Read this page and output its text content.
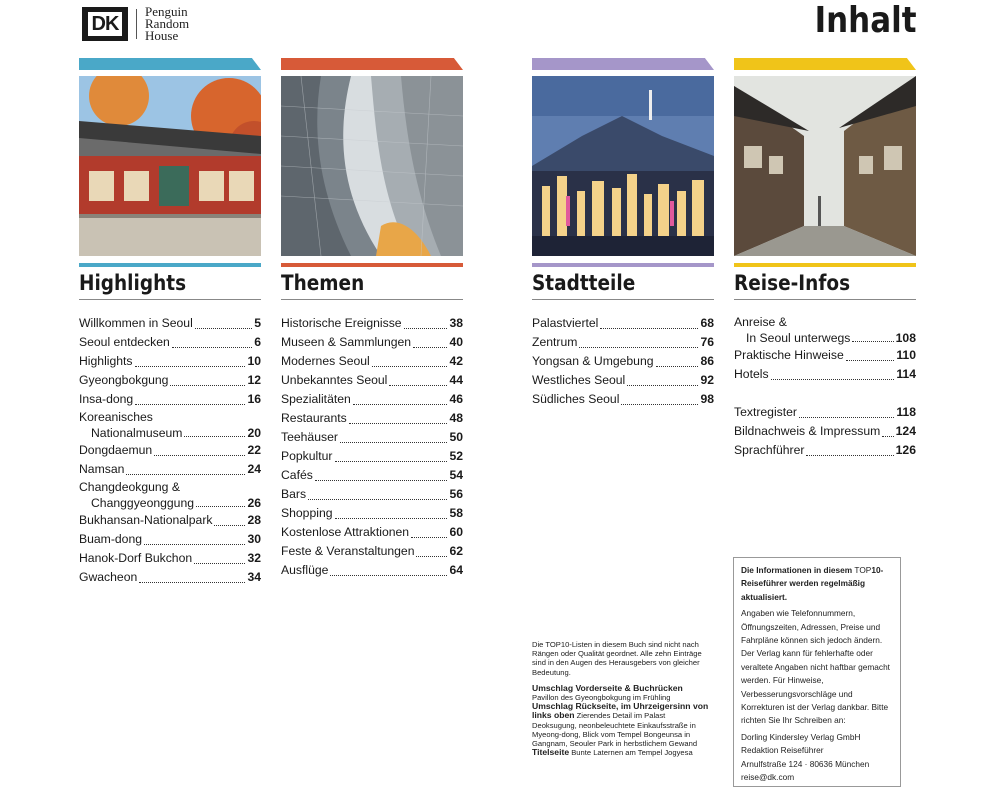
DK
Penguin
Random
House	Inhalt
Highlights
Willkommen in Seoul	5
Seoul entdecken	6
Highlights	10
Gyeongbokgung	12
Insa-dong	16
Koreanisches
Nationalmuseum	20
Dongdaemun	22
Namsan	24
Changdeokgung &
Changgyeonggung	26
Bukhansan-Nationalpark	28
Buam-dong	30
Hanok-Dorf Bukchon	32
Gwacheon	34
Themen
Historische Ereignisse	38
Museen & Sammlungen	40
Modernes Seoul	42
Unbekanntes Seoul	44
Spezialitäten	46
Restaurants	48
Teehäuser	50
Popkultur	52
Cafés	54
Bars	56
Shopping	58
Kostenlose Attraktionen	60
Feste & Veranstaltungen	62
Ausflüge	64
Stadtteile
Palastviertel	68
Zentrum	76
Yongsan & Umgebung	86
Westliches Seoul	92
Südliches Seoul	98
Reise-Infos
Anreise &
In Seoul unterwegs	108
Praktische Hinweise	110
Hotels	114
Textregister	118
Bildnachweis & Impressum 124
Sprachführer	126

Die TOP10-Listen in diesem Buch sind nicht nach Rängen oder Qualität geordnet. Alle zehn Einträge sind in den Augen des Herausgebers von gleicher Bedeutung.

Umschlag Vorderseite & Buchrücken
Pavillon des Gyeongbokgung im Frühling
Umschlag Rückseite, im Uhrzeigersinn von links oben Zierendes Detail im Palast Deoksugung, neonbeleuchtete Einkaufsstraße in Myeong-dong, Blick vom Tempel Bongeunsa in Gangnam, Seouler Park in herbstlichem Gewand
Titelseite Bunte Laternen am Tempel Jogyesa

Die Informationen in diesem TOP10-Reiseführer werden regelmäßig aktualisiert.

Angaben wie Telefonnummern, Öffnungszeiten, Adressen, Preise und Fahrpläne können sich jedoch ändern. Der Verlag kann für fehlerhafte oder veraltete Angaben nicht haftbar gemacht werden. Für Hinweise, Verbesserungsvorschläge und Korrekturen ist der Verlag dankbar. Bitte richten Sie Ihr Schreiben an:

Dorling Kindersley Verlag GmbH
Redaktion Reiseführer
Arnulfstraße 124 · 80636 München
reise@dk.com
